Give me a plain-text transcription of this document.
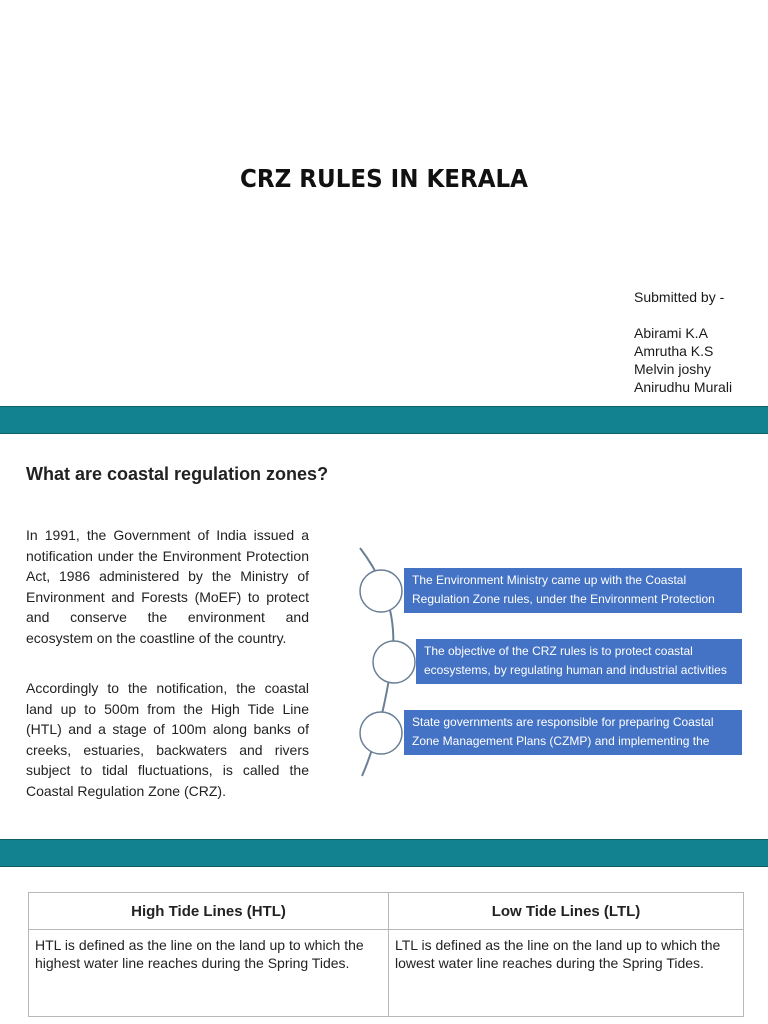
CRZ RULES IN KERALA
Submitted by -
Abirami K.A
Amrutha K.S
Melvin joshy
Anirudhu Murali
What are coastal regulation zones?
In 1991, the Government of India issued a notification under the Environment Protection Act, 1986 administered by the Ministry of Environment and Forests (MoEF) to protect and conserve the environment and ecosystem on the coastline of the country.
Accordingly to the notification, the coastal land up to 500m from the High Tide Line (HTL) and a stage of 100m along banks of creeks, estuaries, backwaters and rivers subject to tidal fluctuations, is called the Coastal Regulation Zone (CRZ).
The Environment Ministry came up with the Coastal Regulation Zone rules, under the Environment Protection Act.
The objective of the CRZ rules is to protect coastal ecosystems, by regulating human and industrial activities near the coastline.
State governments are responsible for preparing Coastal Zone Management Plans (CZMP) and implementing the CRZ rules.
High Tide Lines (HTL)	Low Tide Lines (LTL)
HTL is defined as the line on the land up to which the highest water line reaches during the Spring Tides.	LTL is defined as the line on the land up to which the lowest water line reaches during the Spring Tides.
